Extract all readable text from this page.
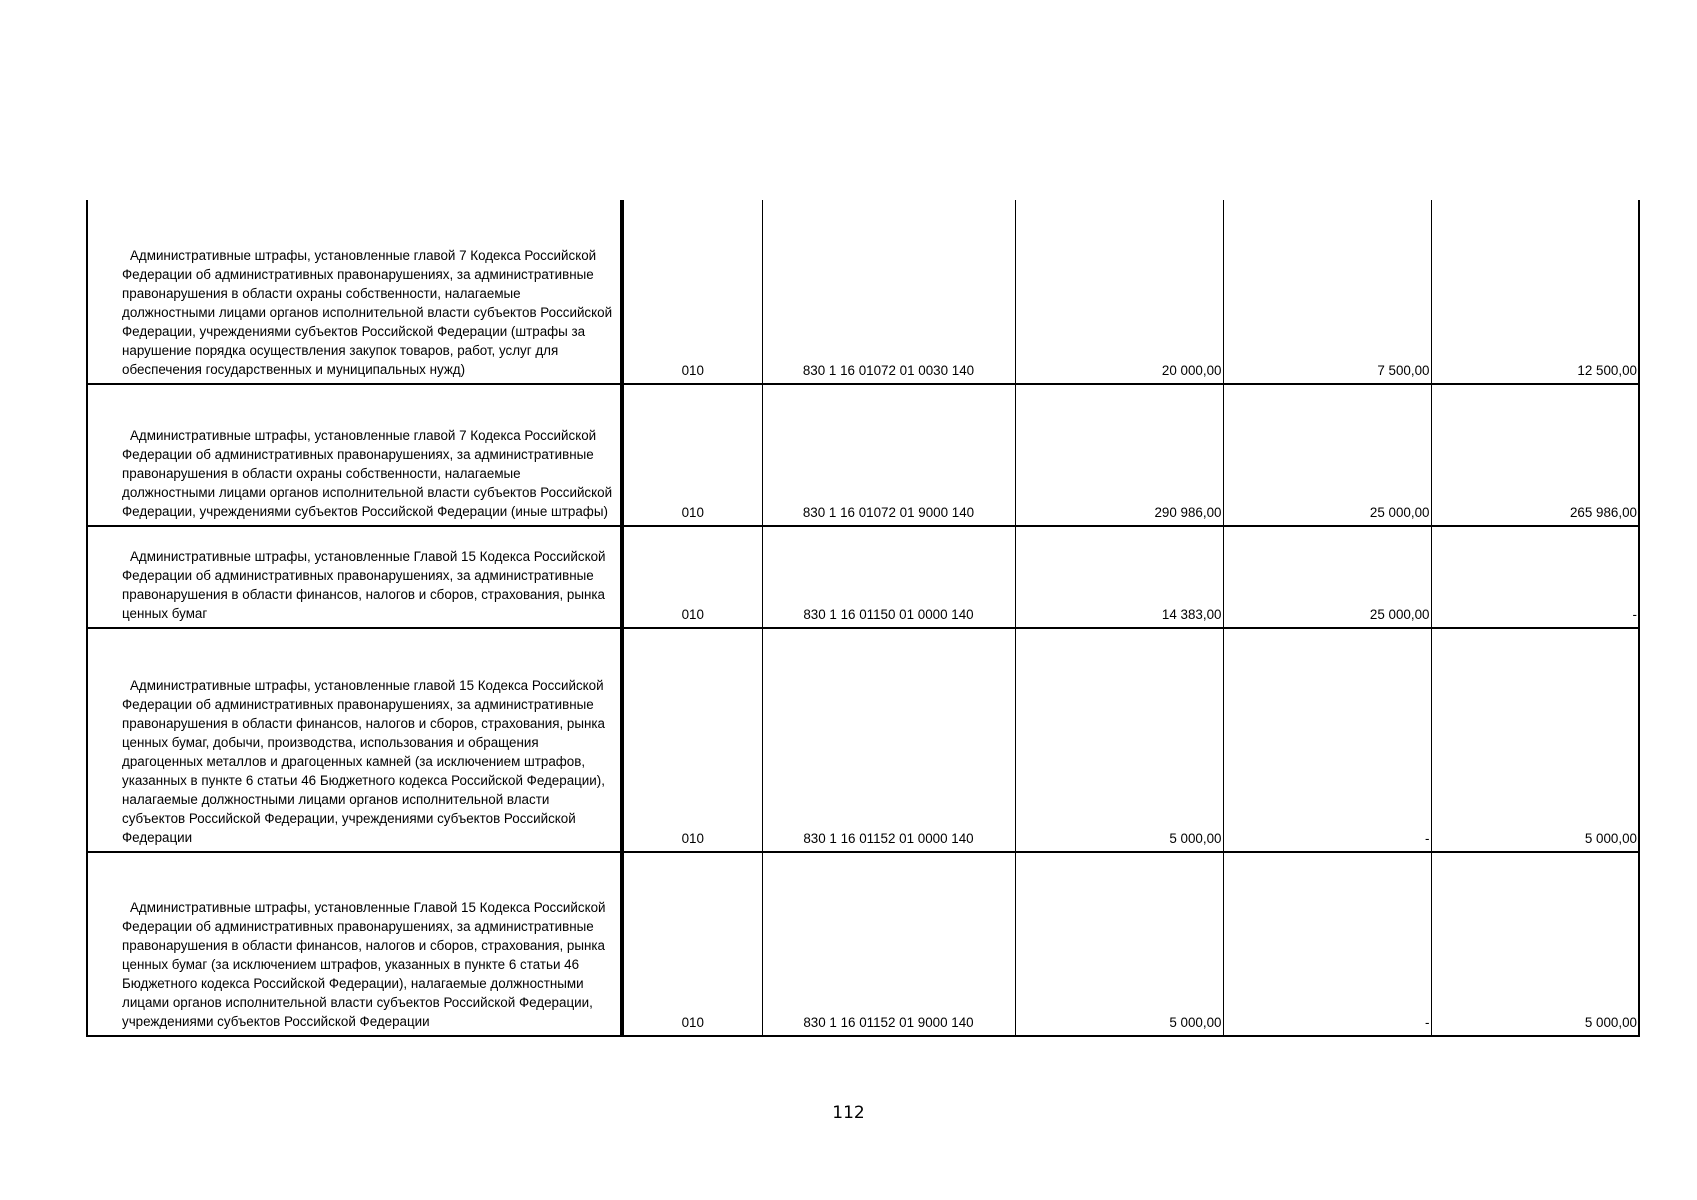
Административные штрафы, установленные главой 7 Кодекса Российской Федерации об административных правонарушениях, за административные правонарушения в области охраны собственности, налагаемые должностными лицами органов исполнительной власти субъектов Российской Федерации, учреждениями субъектов Российской Федерации (штрафы за нарушение порядка осуществления закупок товаров, работ, услуг для обеспечения государственных и муниципальных нужд)	010	830 1 16 01072 01 0030 140	20 000,00	7 500,00	12 500,00
Административные штрафы, установленные главой 7 Кодекса Российской Федерации об административных правонарушениях, за административные правонарушения в области охраны собственности, налагаемые должностными лицами органов исполнительной власти субъектов Российской Федерации, учреждениями субъектов Российской Федерации (иные штрафы)	010	830 1 16 01072 01 9000 140	290 986,00	25 000,00	265 986,00
Административные штрафы, установленные Главой 15 Кодекса Российской Федерации об административных правонарушениях, за административные правонарушения в области финансов, налогов и сборов, страхования, рынка ценных бумаг	010	830 1 16 01150 01 0000 140	14 383,00	25 000,00	-
Административные штрафы, установленные главой 15 Кодекса Российской Федерации об административных правонарушениях, за административные правонарушения в области финансов, налогов и сборов, страхования, рынка ценных бумаг, добычи, производства, использования и обращения драгоценных металлов и драгоценных камней (за исключением штрафов, указанных в пункте 6 статьи 46 Бюджетного кодекса Российской Федерации), налагаемые должностными лицами органов исполнительной власти субъектов Российской Федерации, учреждениями субъектов Российской Федерации	010	830 1 16 01152 01 0000 140	5 000,00	-	5 000,00
Административные штрафы, установленные Главой 15 Кодекса Российской Федерации об административных правонарушениях, за административные правонарушения в области финансов, налогов и сборов, страхования, рынка ценных бумаг (за исключением штрафов, указанных в пункте 6 статьи 46 Бюджетного кодекса Российской Федерации), налагаемые должностными лицами органов исполнительной власти субъектов Российской Федерации, учреждениями субъектов Российской Федерации	010	830 1 16 01152 01 9000 140	5 000,00	-	5 000,00
112
